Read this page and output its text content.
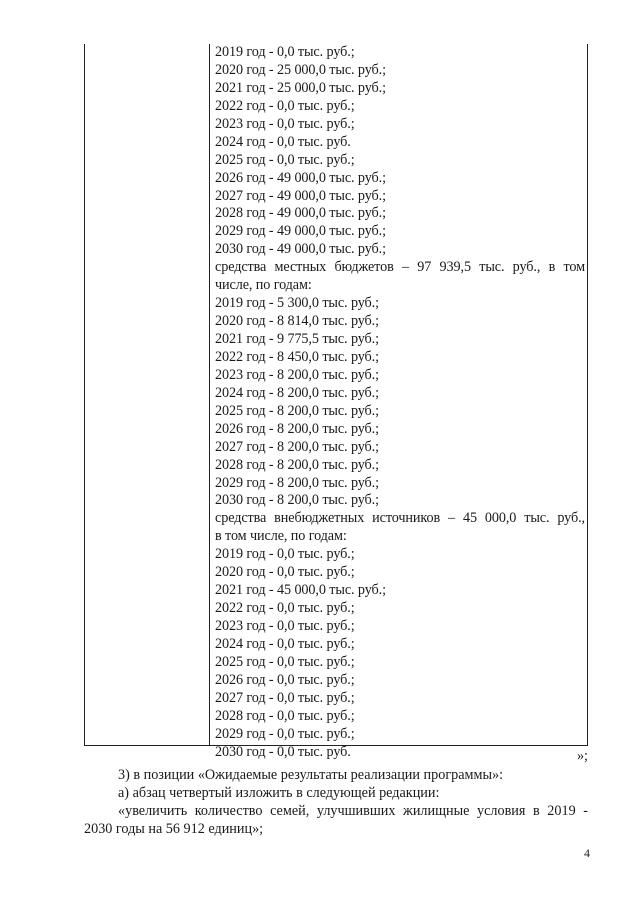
2019 год - 0,0 тыс. руб.;
2020 год - 25 000,0 тыс. руб.;
2021 год - 25 000,0 тыс. руб.;
2022 год - 0,0 тыс. руб.;
2023 год - 0,0 тыс. руб.;
2024 год - 0,0 тыс. руб.
2025 год - 0,0 тыс. руб.;
2026 год - 49 000,0 тыс. руб.;
2027 год - 49 000,0 тыс. руб.;
2028 год - 49 000,0 тыс. руб.;
2029 год - 49 000,0 тыс. руб.;
2030 год - 49 000,0 тыс. руб.;
средства местных бюджетов – 97 939,5 тыс. руб., в том
числе, по годам:
2019 год - 5 300,0 тыс. руб.;
2020 год - 8 814,0 тыс. руб.;
2021 год - 9 775,5 тыс. руб.;
2022 год - 8 450,0 тыс. руб.;
2023 год - 8 200,0 тыс. руб.;
2024 год - 8 200,0 тыс. руб.;
2025 год - 8 200,0 тыс. руб.;
2026 год - 8 200,0 тыс. руб.;
2027 год - 8 200,0 тыс. руб.;
2028 год - 8 200,0 тыс. руб.;
2029 год - 8 200,0 тыс. руб.;
2030 год - 8 200,0 тыс. руб.;
средства внебюджетных источников – 45 000,0 тыс. руб.,
в том числе, по годам:
2019 год - 0,0 тыс. руб.;
2020 год - 0,0 тыс. руб.;
2021 год - 45 000,0 тыс. руб.;
2022 год - 0,0 тыс. руб.;
2023 год - 0,0 тыс. руб.;
2024 год - 0,0 тыс. руб.;
2025 год - 0,0 тыс. руб.;
2026 год - 0,0 тыс. руб.;
2027 год - 0,0 тыс. руб.;
2028 год - 0,0 тыс. руб.;
2029 год - 0,0 тыс. руб.;
2030 год - 0,0 тыс. руб.	»;
3) в позиции «Ожидаемые результаты реализации программы»:
а) абзац четвертый изложить в следующей редакции:
«увеличить количество семей, улучшивших жилищные условия в 2019 -
2030 годы на 56 912 единиц»;
4
